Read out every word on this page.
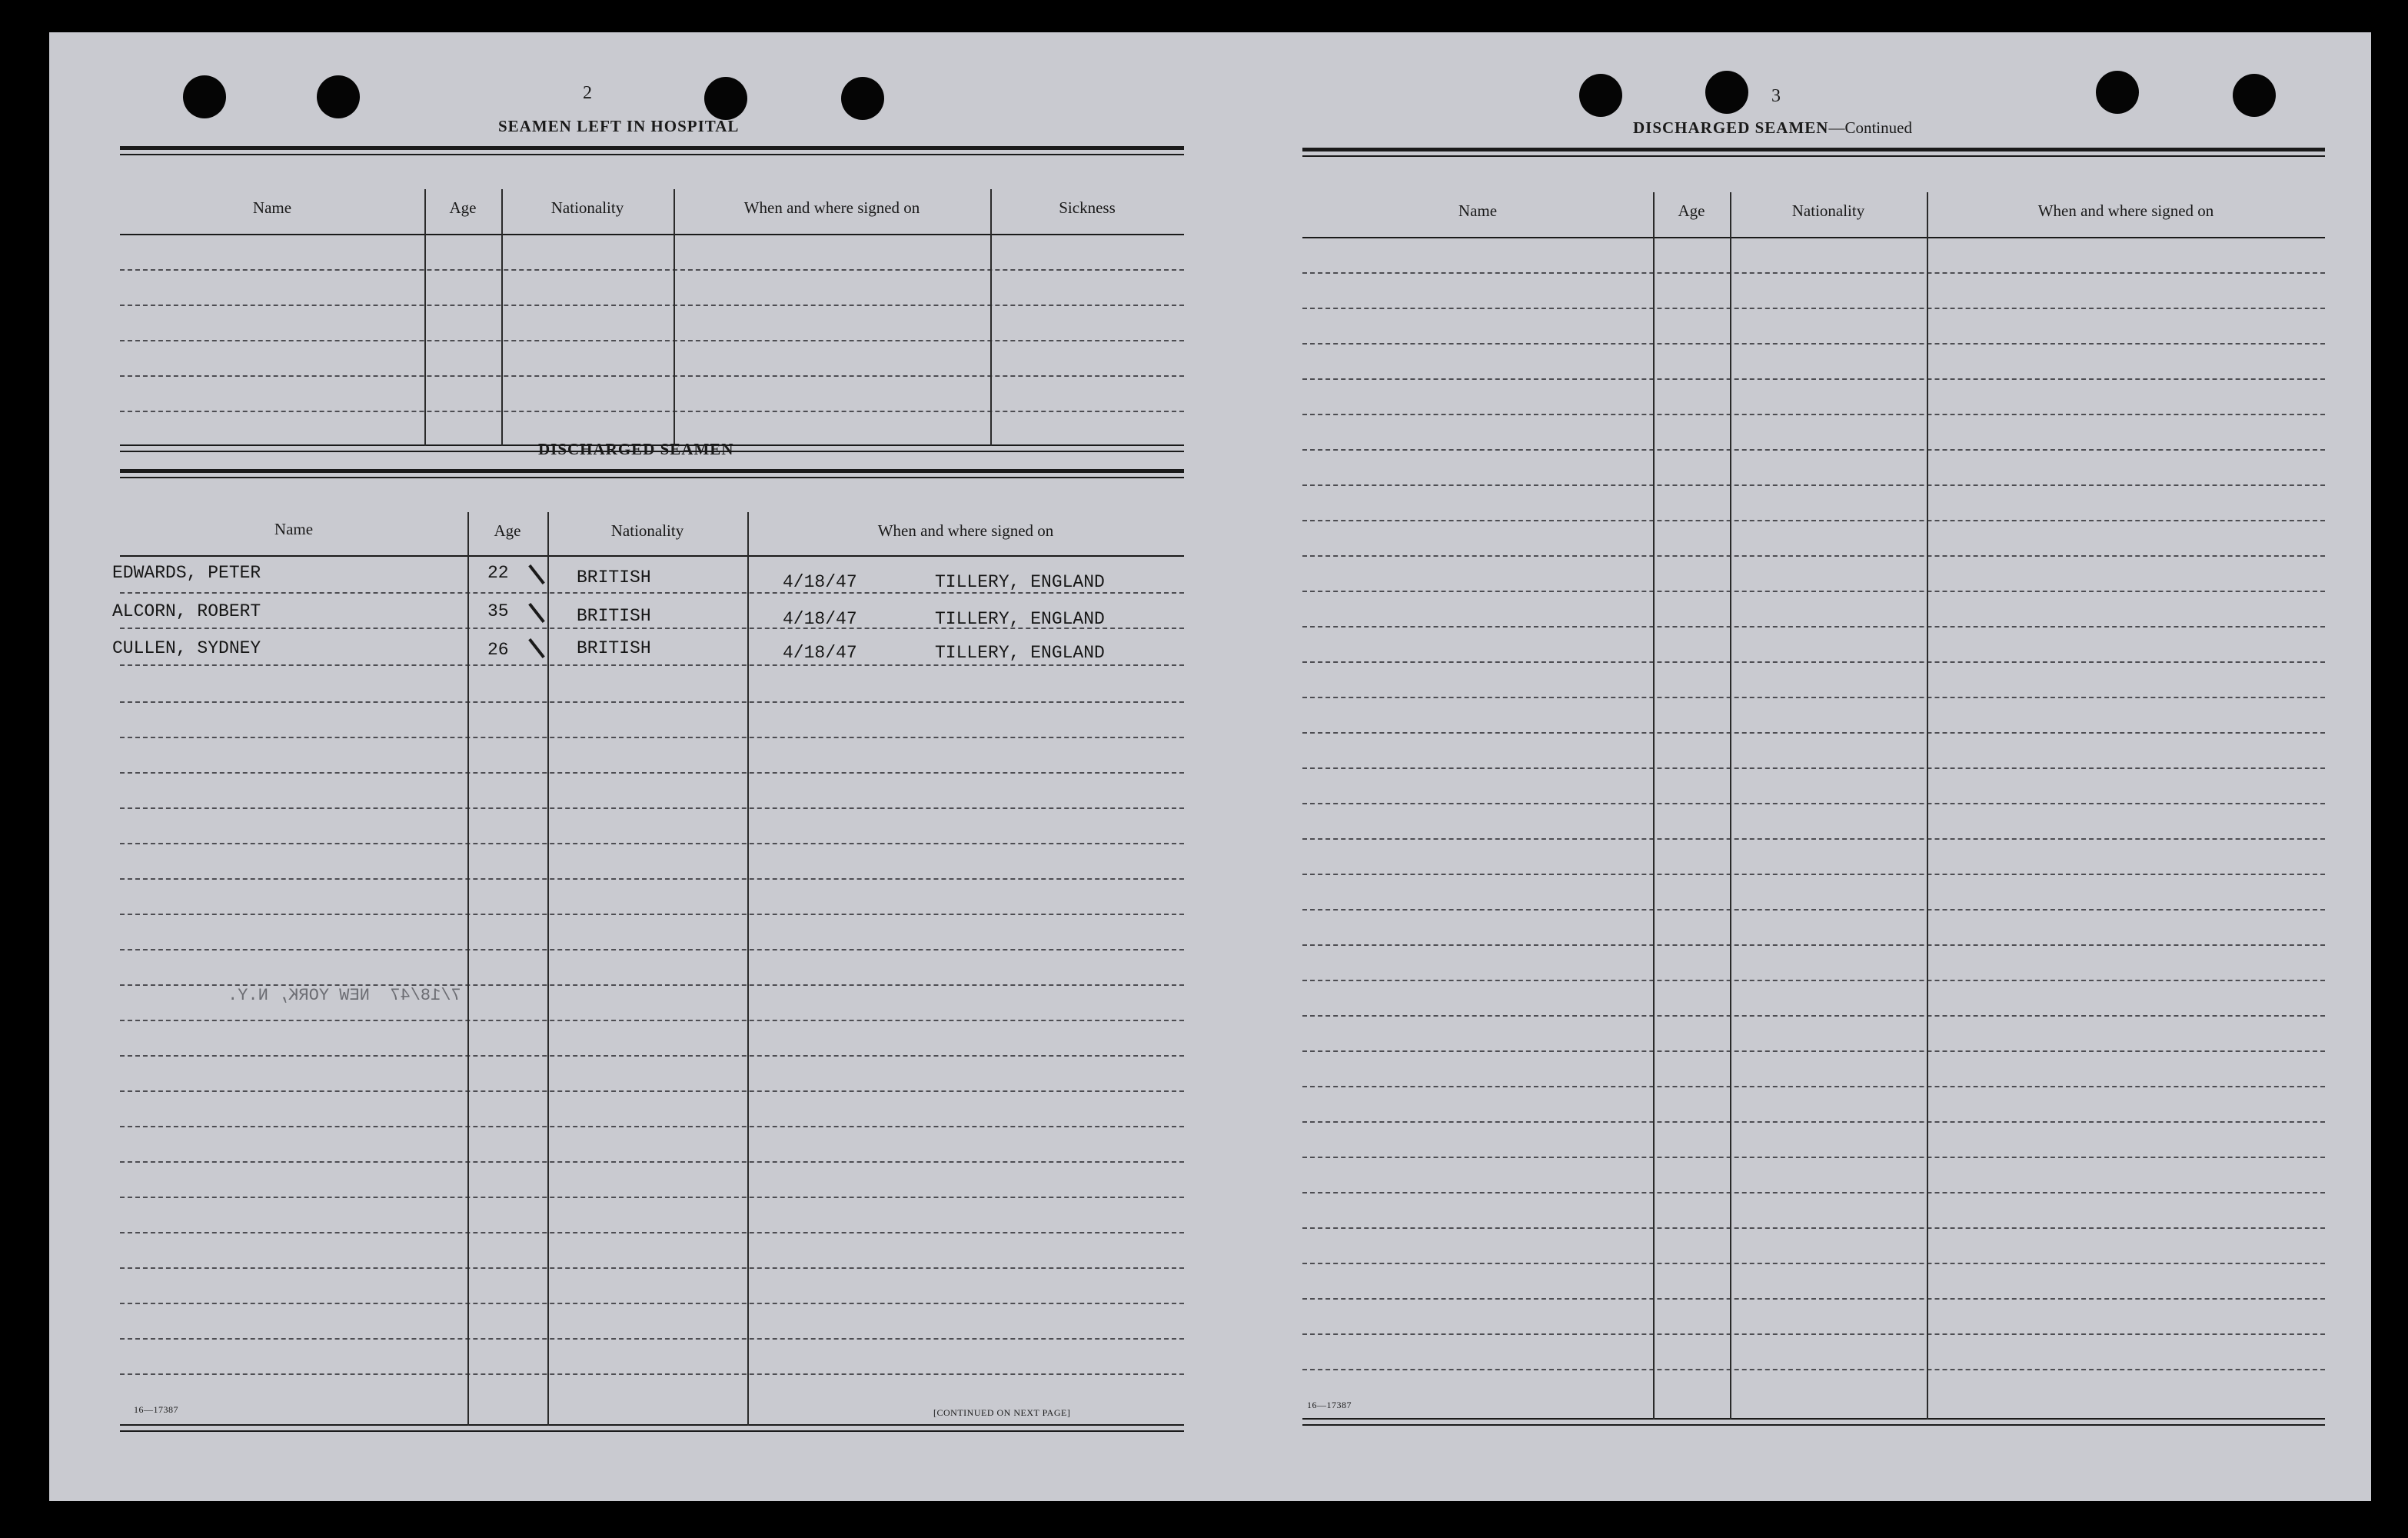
2
SEAMEN LEFT IN HOSPITAL
Name	Age	Nationality	When and where signed on	Sickness
DISCHARGED SEAMEN
Name	Age	Nationality	When and where signed on
EDWARDS, PETER	22	BRITISH	4/18/47	TILLERY, ENGLAND
ALCORN, ROBERT	35	BRITISH	4/18/47	TILLERY, ENGLAND
CULLEN, SYDNEY	26	BRITISH	4/18/47	TILLERY, ENGLAND
7/18/47  NEW YORK, N.Y.
16—17387	[CONTINUED ON NEXT PAGE]
3
DISCHARGED SEAMEN—Continued
Name	Age	Nationality	When and where signed on
16—17387
